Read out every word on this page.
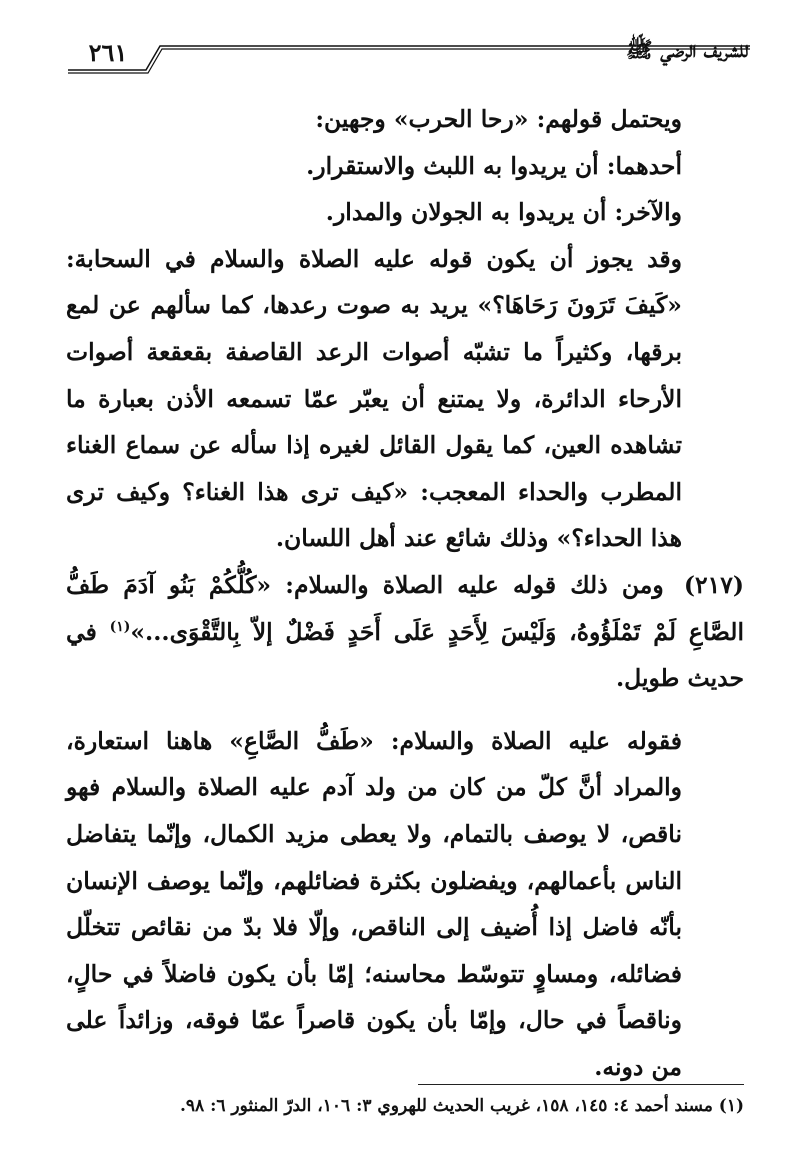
٢٦١	للشريف الرضي ﷺ

ويحتمل قولهم: «رحا الحرب» وجهين:

أحدهما: أن يريدوا به اللبث والاستقرار.

والآخر: أن يريدوا به الجولان والمدار.

وقد يجوز أن يكون قوله عليه الصلاة والسلام في السحابة: «كَيفَ تَرَونَ رَحَاهَا؟» يريد به صوت رعدها، كما سألهم عن لمع برقها، وكثيراً ما تشبّه أصوات الرعد القاصفة بقعقعة أصوات الأرحاء الدائرة، ولا يمتنع أن يعبّر عمّا تسمعه الأذن بعبارة ما تشاهده العين، كما يقول القائل لغيره إذا سأله عن سماع الغناء المطرب والحداء المعجب: «كيف ترى هذا الغناء؟ وكيف ترى هذا الحداء؟» وذلك شائع عند أهل اللسان.

(٢١٧) ومن ذلك قوله عليه الصلاة والسلام: «كُلُّكُمْ بَنُو آدَمَ طَفُّ الصَّاعِ لَمْ تَمْلَؤُوهُ، وَلَيْسَ لِأَحَدٍ عَلَى أَحَدٍ فَضْلٌ إلاّ بِالتَّقْوَى...»$^{(١)}$ في حديث طويل.

فقوله عليه الصلاة والسلام: «طَفُّ الصَّاعِ» هاهنا استعارة، والمراد أنَّ كلّ من كان من ولد آدم عليه الصلاة والسلام فهو ناقص، لا يوصف بالتمام، ولا يعطى مزيد الكمال، وإنّما يتفاضل الناس بأعمالهم، ويفضلون بكثرة فضائلهم، وإنّما يوصف الإنسان بأنّه فاضل إذا أُضيف إلى الناقص، وإلّا فلا بدّ من نقائص تتخلّل فضائله، ومساوٍ تتوسّط محاسنه؛ إمّا بأن يكون فاضلاً في حالٍ، وناقصاً في حال، وإمّا بأن يكون قاصراً عمّا فوقه، وزائداً على من دونه.

(١) مسند أحمد ٤: ١٤٥، ١٥٨، غريب الحديث للهروي ٣: ١٠٦، الدرّ المنثور ٦: ٩٨.
